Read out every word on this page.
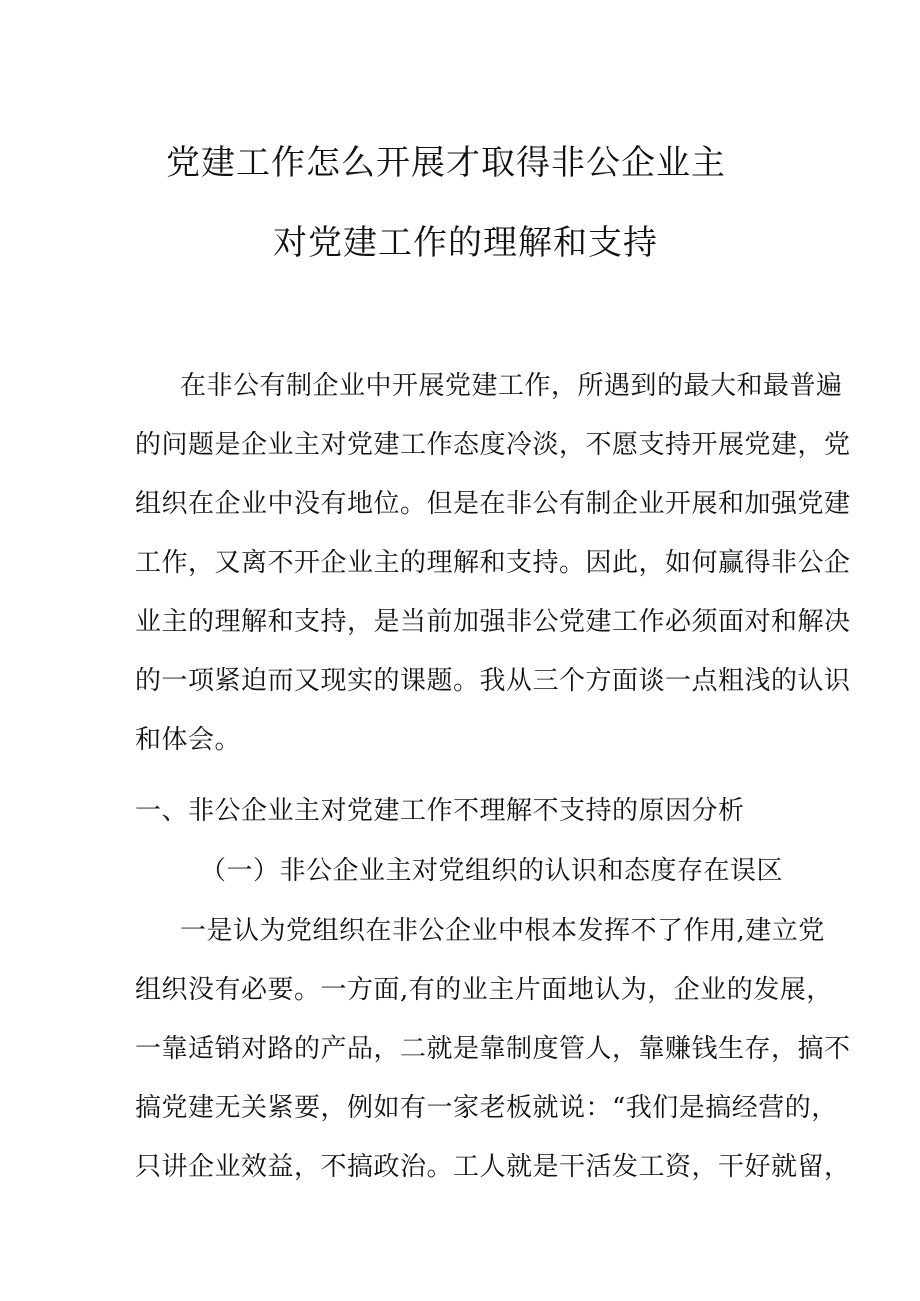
党建工作怎么开展才取得非公企业主
对党建工作的理解和支持
在非公有制企业中开展党建工作，所遇到的最大和最普遍
的问题是企业主对党建工作态度冷淡，不愿支持开展党建，党
组织在企业中没有地位。但是在非公有制企业开展和加强党建
工作，又离不开企业主的理解和支持。因此，如何赢得非公企
业主的理解和支持，是当前加强非公党建工作必须面对和解决
的一项紧迫而又现实的课题。我从三个方面谈一点粗浅的认识
和体会。
一、非公企业主对党建工作不理解不支持的原因分析
（一）非公企业主对党组织的认识和态度存在误区
一是认为党组织在非公企业中根本发挥不了作用,建立党
组织没有必要。一方面,有的业主片面地认为，企业的发展，
一靠适销对路的产品，二就是靠制度管人，靠赚钱生存，搞不
搞党建无关紧要，例如有一家老板就说：“我们是搞经营的，
只讲企业效益，不搞政治。工人就是干活发工资，干好就留，
